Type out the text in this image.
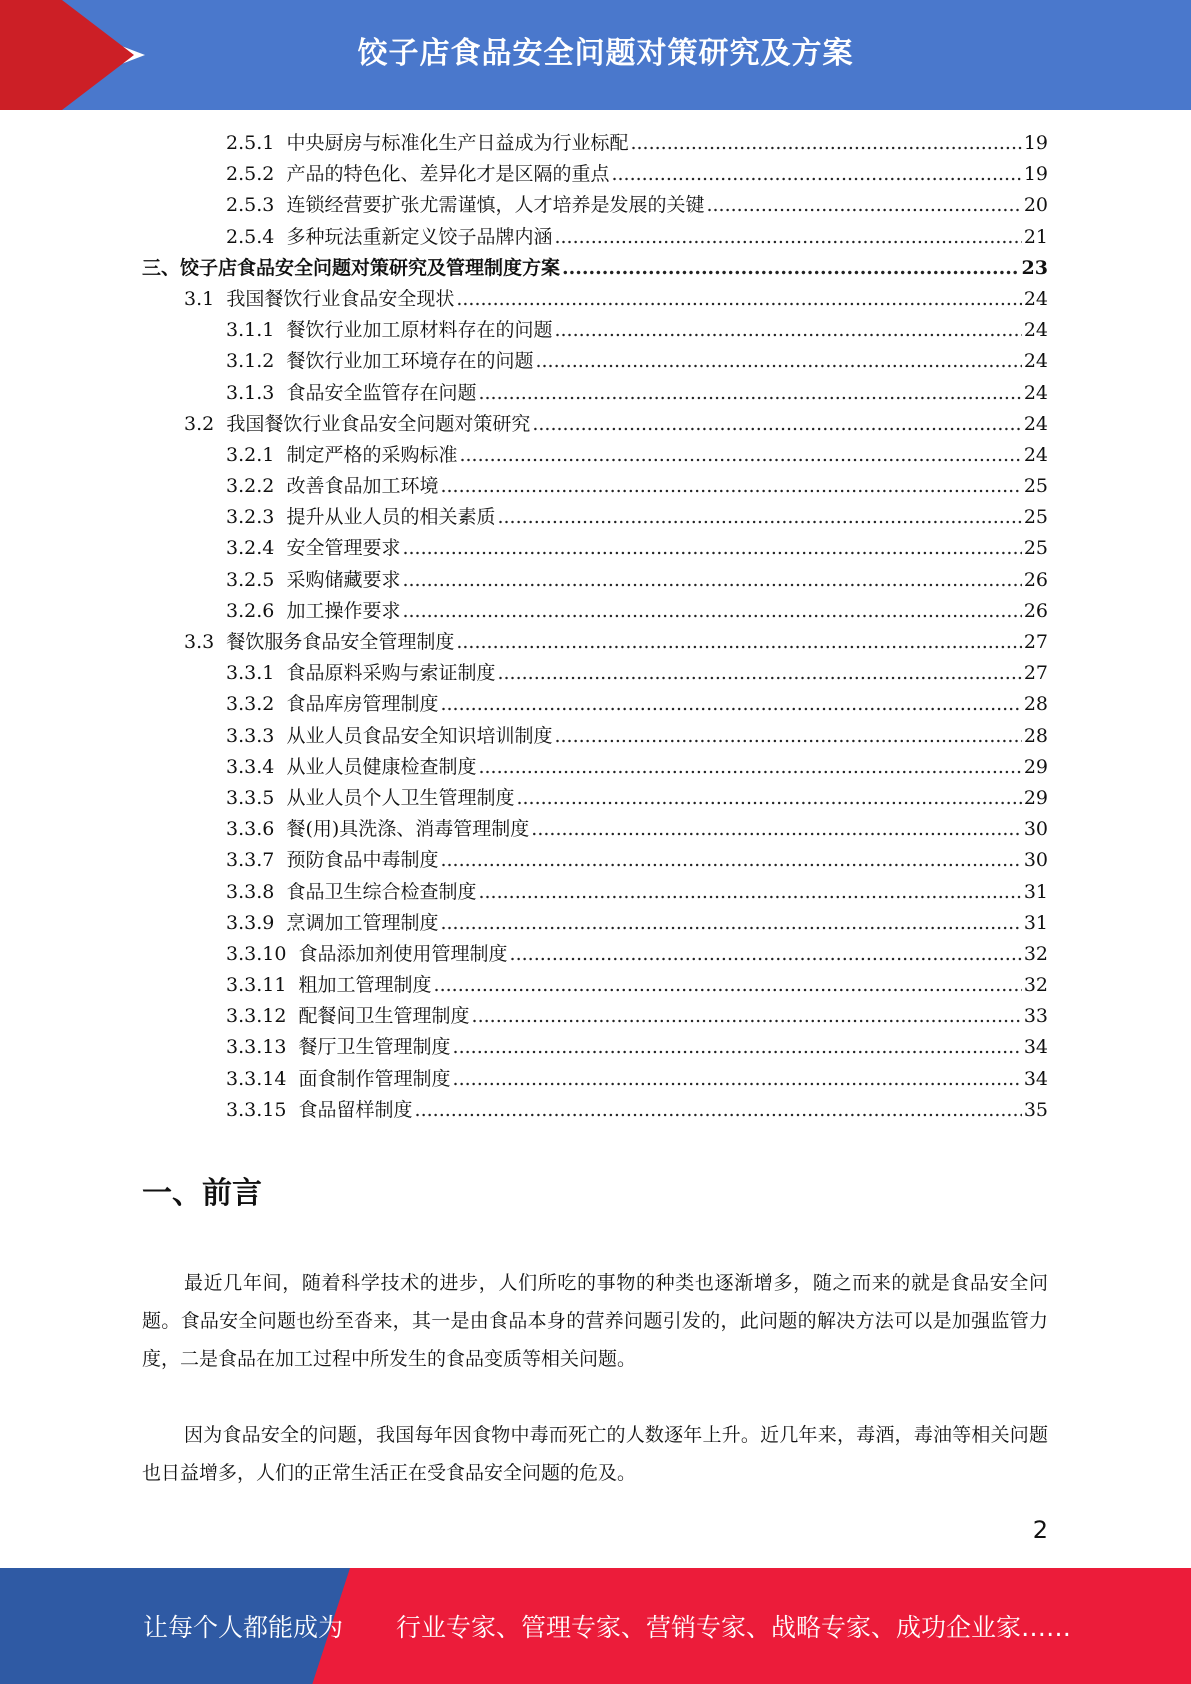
饺子店食品安全问题对策研究及方案
2.5.1 中央厨房与标准化生产日益成为行业标配 .....	19
2.5.2 产品的特色化、差异化才是区隔的重点 .....	19
2.5.3 连锁经营要扩张尤需谨慎，人才培养是发展的关键 .....	20
2.5.4 多种玩法重新定义饺子品牌内涵 .....	21
三、饺子店食品安全问题对策研究及管理制度方案 .....	23
3.1 我国餐饮行业食品安全现状 .....	24
3.1.1 餐饮行业加工原材料存在的问题 .....	24
3.1.2 餐饮行业加工环境存在的问题 .....	24
3.1.3 食品安全监管存在问题 .....	24
3.2 我国餐饮行业食品安全问题对策研究 .....	24
3.2.1 制定严格的采购标准 .....	24
3.2.2 改善食品加工环境 .....	25
3.2.3 提升从业人员的相关素质 .....	25
3.2.4 安全管理要求 .....	25
3.2.5 采购储藏要求 .....	26
3.2.6 加工操作要求 .....	26
3.3 餐饮服务食品安全管理制度 .....	27
3.3.1 食品原料采购与索证制度 .....	27
3.3.2 食品库房管理制度 .....	28
3.3.3 从业人员食品安全知识培训制度 .....	28
3.3.4 从业人员健康检查制度 .....	29
3.3.5 从业人员个人卫生管理制度 .....	29
3.3.6 餐(用)具洗涤、消毒管理制度 .....	30
3.3.7 预防食品中毒制度 .....	30
3.3.8 食品卫生综合检查制度 .....	31
3.3.9 烹调加工管理制度 .....	31
3.3.10 食品添加剂使用管理制度 .....	32
3.3.11 粗加工管理制度 .....	32
3.3.12 配餐间卫生管理制度 .....	33
3.3.13 餐厅卫生管理制度 .....	34
3.3.14 面食制作管理制度 .....	34
3.3.15 食品留样制度 .....	35
一、前言

最近几年间，随着科学技术的进步，人们所吃的事物的种类也逐渐增多，随之而来的就是食品安全问题。食品安全问题也纷至沓来，其一是由食品本身的营养问题引发的，此问题的解决方法可以是加强监管力度，二是食品在加工过程中所发生的食品变质等相关问题。

因为食品安全的问题，我国每年因食物中毒而死亡的人数逐年上升。近几年来，毒酒，毒油等相关问题也日益增多，人们的正常生活正在受食品安全问题的危及。

2
让每个人都能成为 行业专家、管理专家、营销专家、战略专家、成功企业家……
